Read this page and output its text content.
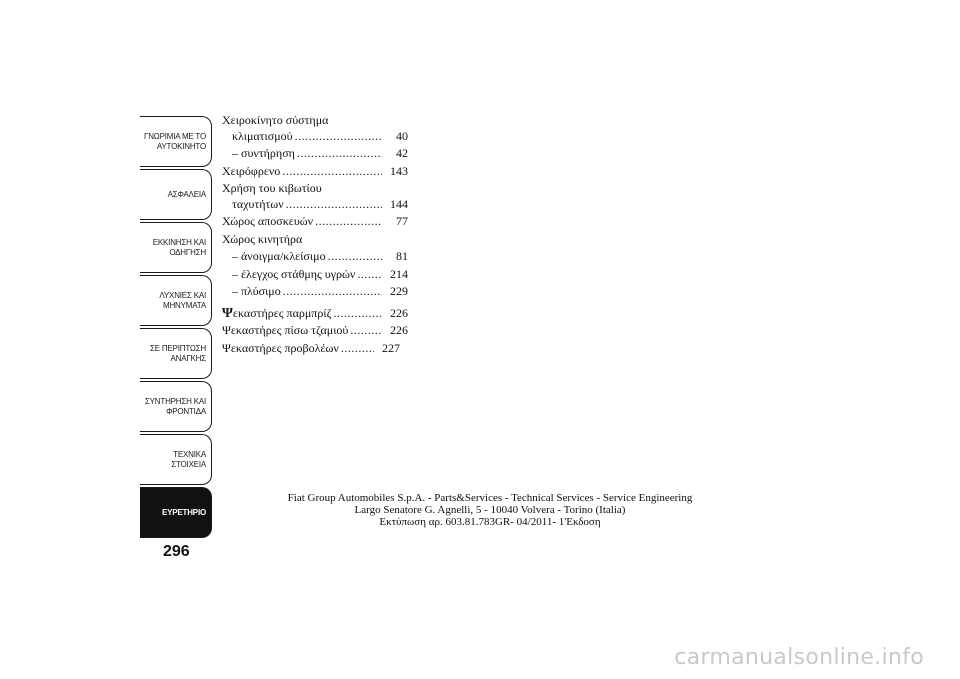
ΓΝΩΡΙΜΙΑ ΜΕ ΤΟ
ΑΥΤΟΚΙΝΗΤΟ
ΑΣΦΑΛΕΙΑ
ΕΚΚΙΝΗΣΗ ΚΑΙ
ΟΔΗΓΗΣΗ
ΛΥΧΝΙΕΣ ΚΑΙ
ΜΗΝΥΜΑΤΑ
ΣΕ ΠΕΡΙΠΤΩΣΗ
ΑΝΑΓΚΗΣ
ΣΥΝΤΗΡΗΣΗ ΚΑΙ
ΦΡΟΝΤΙΔΑ
ΤΕΧΝΙΚΑ ΣΤΟΙΧΕΙΑ
ΕΥΡΕΤΗΡΙΟ
296
Χειροκίνητο σύστημα
κλιματισμού .....	40
– συντήρηση .....	42
Χειρόφρενο .....	143
Χρήση του κιβωτίου
ταχυτήτων .....	144
Χώρος αποσκευών .....	77
Χώρος κινητήρα
– άνοιγμα/κλείσιμο .....	81
– έλεγχος στάθμης υγρών .....	214
– πλύσιμο .....	229
Ψεκαστήρες παρμπρίζ .....	226
Ψεκαστήρες πίσω τζαμιού .....	226
Ψεκαστήρες προβολέων .....	227
Fiat Group Automobiles S.p.A. - Parts&Services - Technical Services - Service Engineering
Largo Senatore G. Agnelli, 5 - 10040 Volvera - Torino (Italia)
Εκτύπωση αρ. 603.81.783GR- 04/2011- 1'Εκδοση
carmanualsonline.info
